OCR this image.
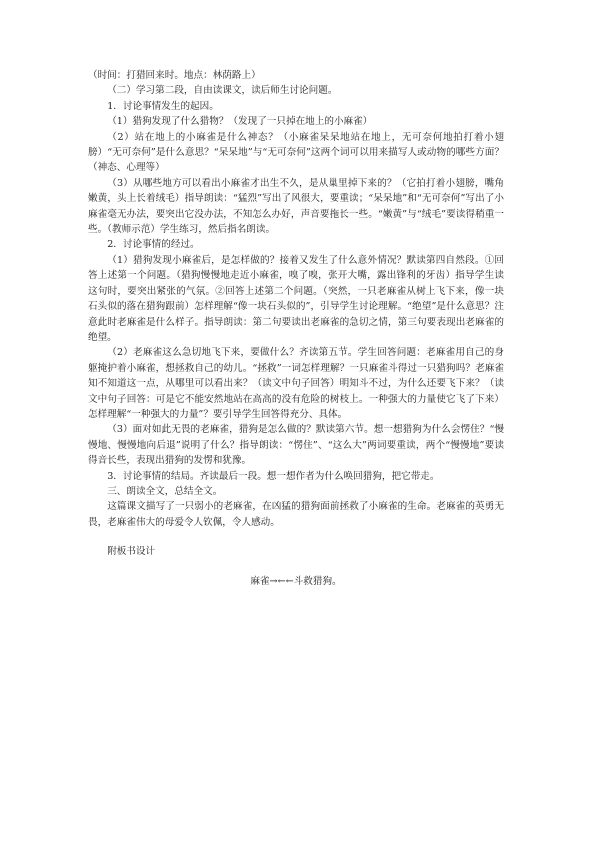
（时间：打猎回来时。地点：林荫路上）

（二）学习第二段，自由读课文，读后师生讨论问题。

1．讨论事情发生的起因。

（1）猎狗发现了什么猎物？（发现了一只掉在地上的小麻雀）

（2）站在地上的小麻雀是什么神态？（小麻雀呆呆地站在地上，无可奈何地拍打着小翅膀）“无可奈何”是什么意思？“呆呆地”与“无可奈何”这两个词可以用来描写人或动物的哪些方面？（神态、心理等）

（3）从哪些地方可以看出小麻雀才出生不久，是从巢里掉下来的？（它拍打着小翅膀，嘴角嫩黄，头上长着绒毛）指导朗读：“猛烈”写出了风很大，要重读；“呆呆地”和“无可奈何”写出了小麻雀毫无办法，要突出它没办法，不知怎么办好，声音要拖长一些。“嫩黄”与“绒毛”要读得稍重一些。（教师示范）学生练习，然后指名朗读。

2．讨论事情的经过。

（1）猎狗发现小麻雀后，是怎样做的？接着又发生了什么意外情况？默读第四自然段。①回答上述第一个问题。（猎狗慢慢地走近小麻雀，嗅了嗅，张开大嘴，露出锋利的牙齿）指导学生读这句时，要突出紧张的气氛。②回答上述第二个问题。（突然，一只老麻雀从树上飞下来，像一块石头似的落在猎狗跟前）怎样理解“像一块石头似的”，引导学生讨论理解。“绝望”是什么意思？注意此时老麻雀是什么样子。指导朗读：第二句要读出老麻雀的急切之情，第三句要表现出老麻雀的绝望。

（2）老麻雀这么急切地飞下来，要做什么？齐读第五节。学生回答问题：老麻雀用自己的身躯掩护着小麻雀，想拯救自己的幼儿。“拯救”一词怎样理解？一只麻雀斗得过一只猎狗吗？老麻雀知不知道这一点，从哪里可以看出来？（读文中句子回答）明知斗不过，为什么还要飞下来？（读文中句子回答：可是它不能安然地站在高高的没有危险的树枝上。一种强大的力量使它飞了下来）怎样理解“一种强大的力量”？要引导学生回答得充分、具体。

（3）面对如此无畏的老麻雀，猎狗是怎么做的？默读第六节。想一想猎狗为什么会愣住？“慢慢地、慢慢地向后退”说明了什么？指导朗读：“愣住”、“这么大”两词要重读，两个“慢慢地”要读得音长些，表现出猎狗的发愣和犹豫。

3．讨论事情的结局。齐读最后一段。想一想作者为什么唤回猎狗，把它带走。

三、朗读全文，总结全文。

这篇课文描写了一只弱小的老麻雀，在凶猛的猎狗面前拯救了小麻雀的生命。老麻雀的英勇无畏，老麻雀伟大的母爱令人钦佩，令人感动。

附板书设计

麻雀→←←斗救猎狗。
